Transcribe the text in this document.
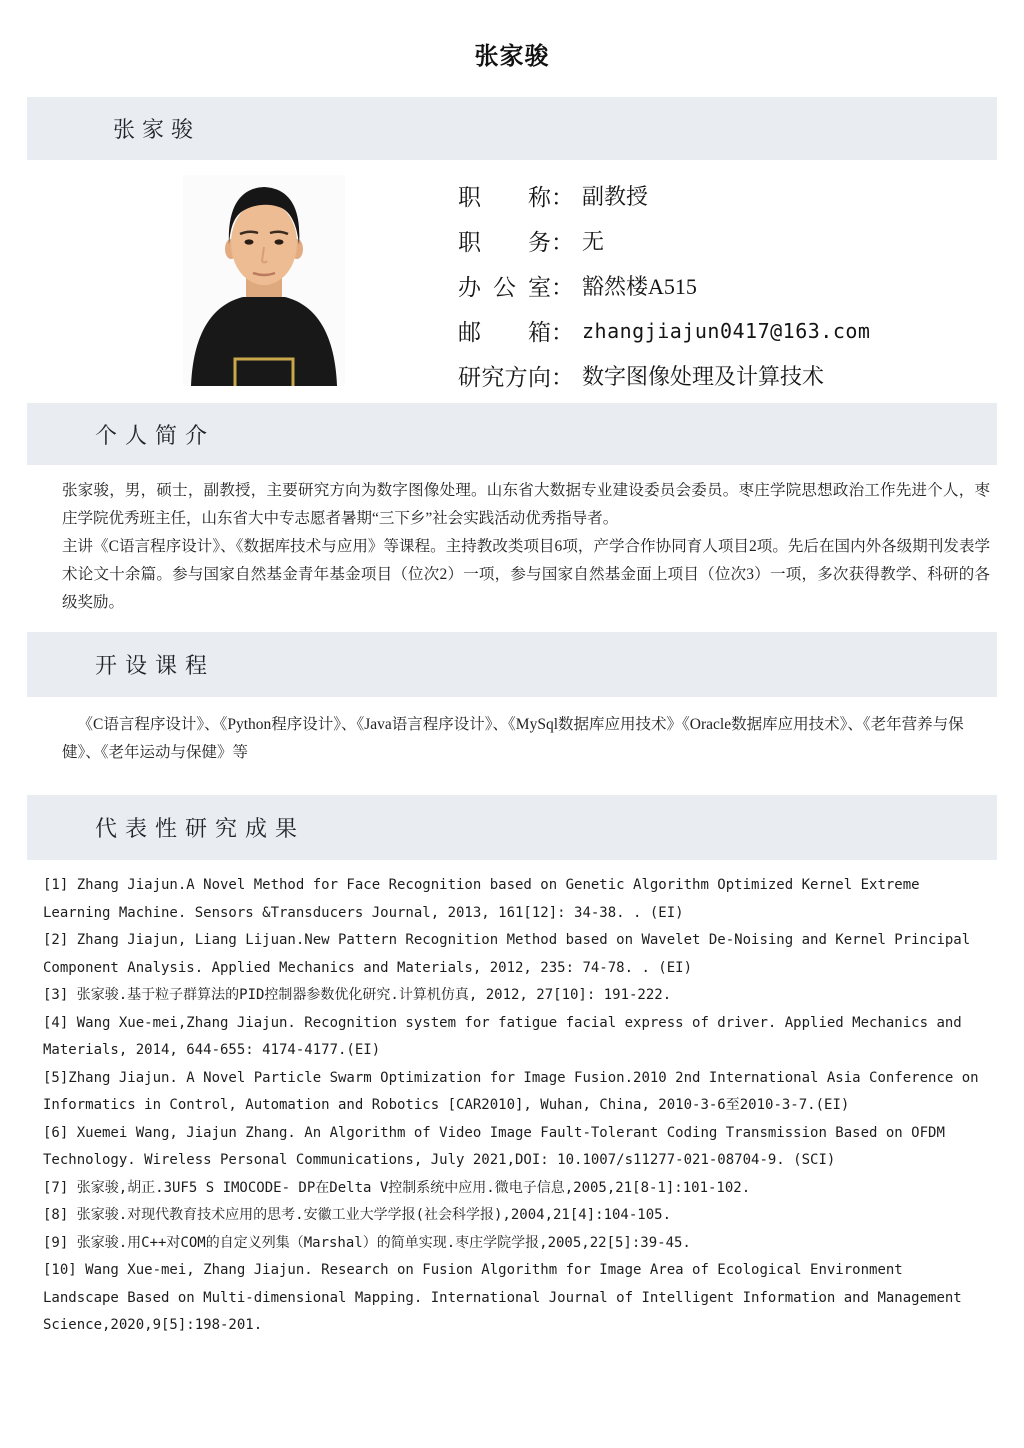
张家骏
张家骏
职称 ： 副教授
职务 ： 无
办公室 ： 豁然楼A515
邮箱 ： zhangjiajun0417@163.com
研究方向 ： 数字图像处理及计算技术
个人简介

张家骏，男，硕士，副教授，主要研究方向为数字图像处理。山东省大数据专业建设委员会委员。枣庄学院思想政治工作先进个人，枣庄学院优秀班主任，山东省大中专志愿者暑期“三下乡”社会实践活动优秀指导者。

主讲《C语言程序设计》、《数据库技术与应用》等课程。主持教改类项目6项，产学合作协同育人项目2项。先后在国内外各级期刊发表学术论文十余篇。参与国家自然基金青年基金项目（位次2）一项，参与国家自然基金面上项目（位次3）一项，多次获得教学、科研的各级奖励。

开设课程
《C语言程序设计》、《Python程序设计》、《Java语言程序设计》、《MySql数据库应用技术》《Oracle数据库应用技术》、《老年营养与保健》、《老年运动与保健》等
代表性研究成果
[1] Zhang Jiajun.A Novel Method for Face Recognition based on Genetic Algorithm Optimized Kernel Extreme Learning Machine. Sensors &Transducers Journal, 2013, 161[12]: 34-38. . (EI)
[2] Zhang Jiajun, Liang Lijuan.New Pattern Recognition Method based on Wavelet De-Noising and Kernel Principal Component Analysis. Applied Mechanics and Materials, 2012, 235: 74-78. . (EI)
[3] 张家骏.基于粒子群算法的PID控制器参数优化研究.计算机仿真, 2012, 27[10]: 191-222.
[4] Wang Xue-mei,Zhang Jiajun. Recognition system for fatigue facial express of driver. Applied Mechanics and Materials, 2014, 644-655: 4174-4177.(EI)
[5]Zhang Jiajun. A Novel Particle Swarm Optimization for Image Fusion.2010 2nd International Asia Conference on Informatics in Control, Automation and Robotics [CAR2010], Wuhan, China, 2010-3-6至2010-3-7.(EI)
[6] Xuemei Wang, Jiajun Zhang. An Algorithm of Video Image Fault-Tolerant Coding Transmission Based on OFDM Technology. Wireless Personal Communications, July 2021,DOI: 10.1007/s11277-021-08704-9. (SCI)
[7] 张家骏,胡正.3UF5 S IMOCODE- DP在Delta V控制系统中应用.微电子信息,2005,21[8-1]:101-102.
[8] 张家骏.对现代教育技术应用的思考.安徽工业大学学报(社会科学报),2004,21[4]:104-105.
[9] 张家骏.用C++对COM的自定义列集（Marshal）的简单实现.枣庄学院学报,2005,22[5]:39-45.
[10] Wang Xue-mei, Zhang Jiajun. Research on Fusion Algorithm for Image Area of Ecological Environment Landscape Based on Multi-dimensional Mapping. International Journal of Intelligent Information and Management Science,2020,9[5]:198-201.
